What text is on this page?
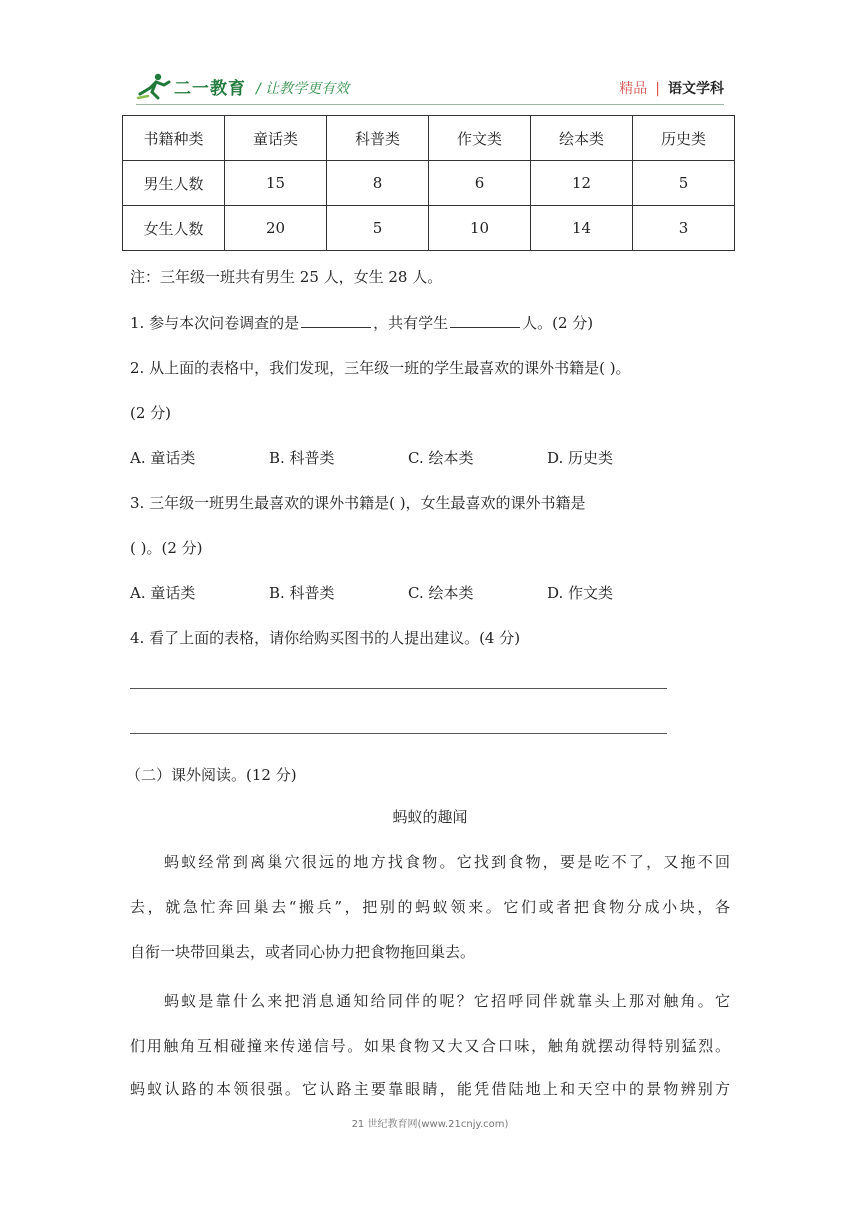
二一教育 / 让教学更有效	精品 | 语文学科
书籍种类	童话类	科普类	作文类	绘本类	历史类
男生人数	15	8	6	12	5
女生人数	20	5	10	14	3
注：三年级一班共有男生 25 人，女生 28 人。
1. 参与本次问卷调查的是	，共有学生	人。(2 分)
2. 从上面的表格中，我们发现，三年级一班的学生最喜欢的课外书籍是( )。
(2 分)
A. 童话类	B. 科普类	C. 绘本类	D. 历史类
3. 三年级一班男生最喜欢的课外书籍是( )，女生最喜欢的课外书籍是
( )。(2 分)
A. 童话类	B. 科普类	C. 绘本类	D. 作文类
4. 看了上面的表格，请你给购买图书的人提出建议。(4 分)
（二）课外阅读。(12 分)
蚂蚁的趣闻
蚂蚁经常到离巢穴很远的地方找食物。它找到食物，要是吃不了，又拖不回
去，就急忙奔回巢去“搬兵”，把别的蚂蚁领来。它们或者把食物分成小块，各
自衔一块带回巢去，或者同心协力把食物拖回巢去。
蚂蚁是靠什么来把消息通知给同伴的呢？它招呼同伴就靠头上那对触角。它
们用触角互相碰撞来传递信号。如果食物又大又合口味，触角就摆动得特别猛烈。
蚂蚁认路的本领很强。它认路主要靠眼睛，能凭借陆地上和天空中的景物辨别方
21 世纪教育网(www.21cnjy.com)
